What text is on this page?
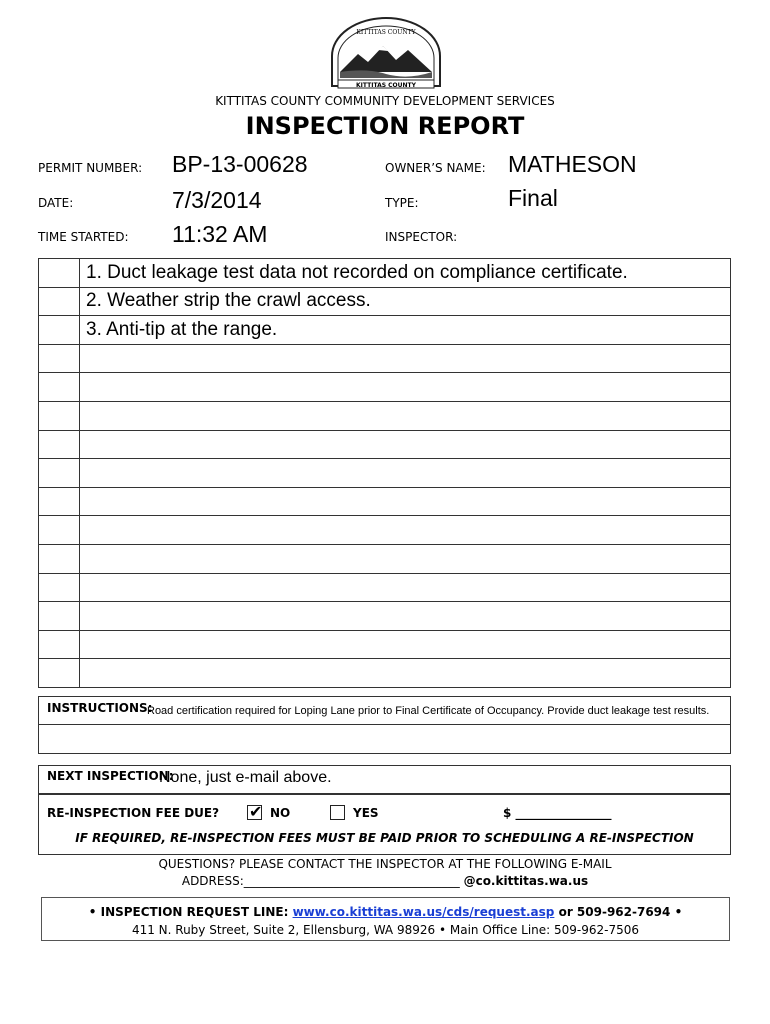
KITTITAS COUNTY
KITTITAS COUNTY
KITTITAS COUNTY COMMUNITY DEVELOPMENT SERVICES
INSPECTION REPORT
PERMIT NUMBER: BP-13-00628	OWNER’S NAME: MATHESON
DATE:	7/3/2014	TYPE:	Final
TIME STARTED: 11:32 AM	INSPECTOR:
	1. Duct leakage test data not recorded on compliance certificate.
	2. Weather strip the crawl access.
	3. Anti-tip at the range.

INSTRUCTIONS:
Road certification required for Loping Lane prior to Final Certificate of Occupancy. Provide duct leakage test results.
NEXT INSPECTION:
None, just e-mail above.
RE-INSPECTION FEE DUE? ✔ NO	YES	$ ________________
IF REQUIRED, RE-INSPECTION FEES MUST BE PAID PRIOR TO SCHEDULING A RE-INSPECTION
QUESTIONS? PLEASE CONTACT THE INSPECTOR AT THE FOLLOWING E-MAIL
ADDRESS:____________________________________ @co.kittitas.wa.us
• INSPECTION REQUEST LINE: www.co.kittitas.wa.us/cds/request.asp or 509-962-7694 •
411 N. Ruby Street, Suite 2, Ellensburg, WA 98926 • Main Office Line: 509-962-7506
